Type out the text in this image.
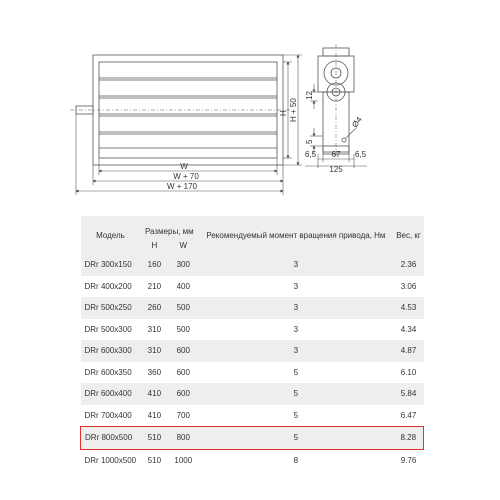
H H + 50
W
W + 70
W + 170
12
5
Ø4
6,5 67 6,5
125
Модель	Размеры, мм		Рекомендуемый момент вращения привода, Нм	Вес, кг
	H	W		
DRr 300x150	160	300	3	2.36
DRr 400x200	210	400	3	3.06
DRr 500x250	260	500	3	4.53
DRr 500x300	310	500	3	4.34
DRr 600x300	310	600	3	4.87
DRr 600x350	360	600	5	6.10
DRr 600x400	410	600	5	5.84
DRr 700x400	410	700	5	6.47
DRr 800x500	510	800	5	8.28
DRr 1000x500	510	1000	8	9.76
